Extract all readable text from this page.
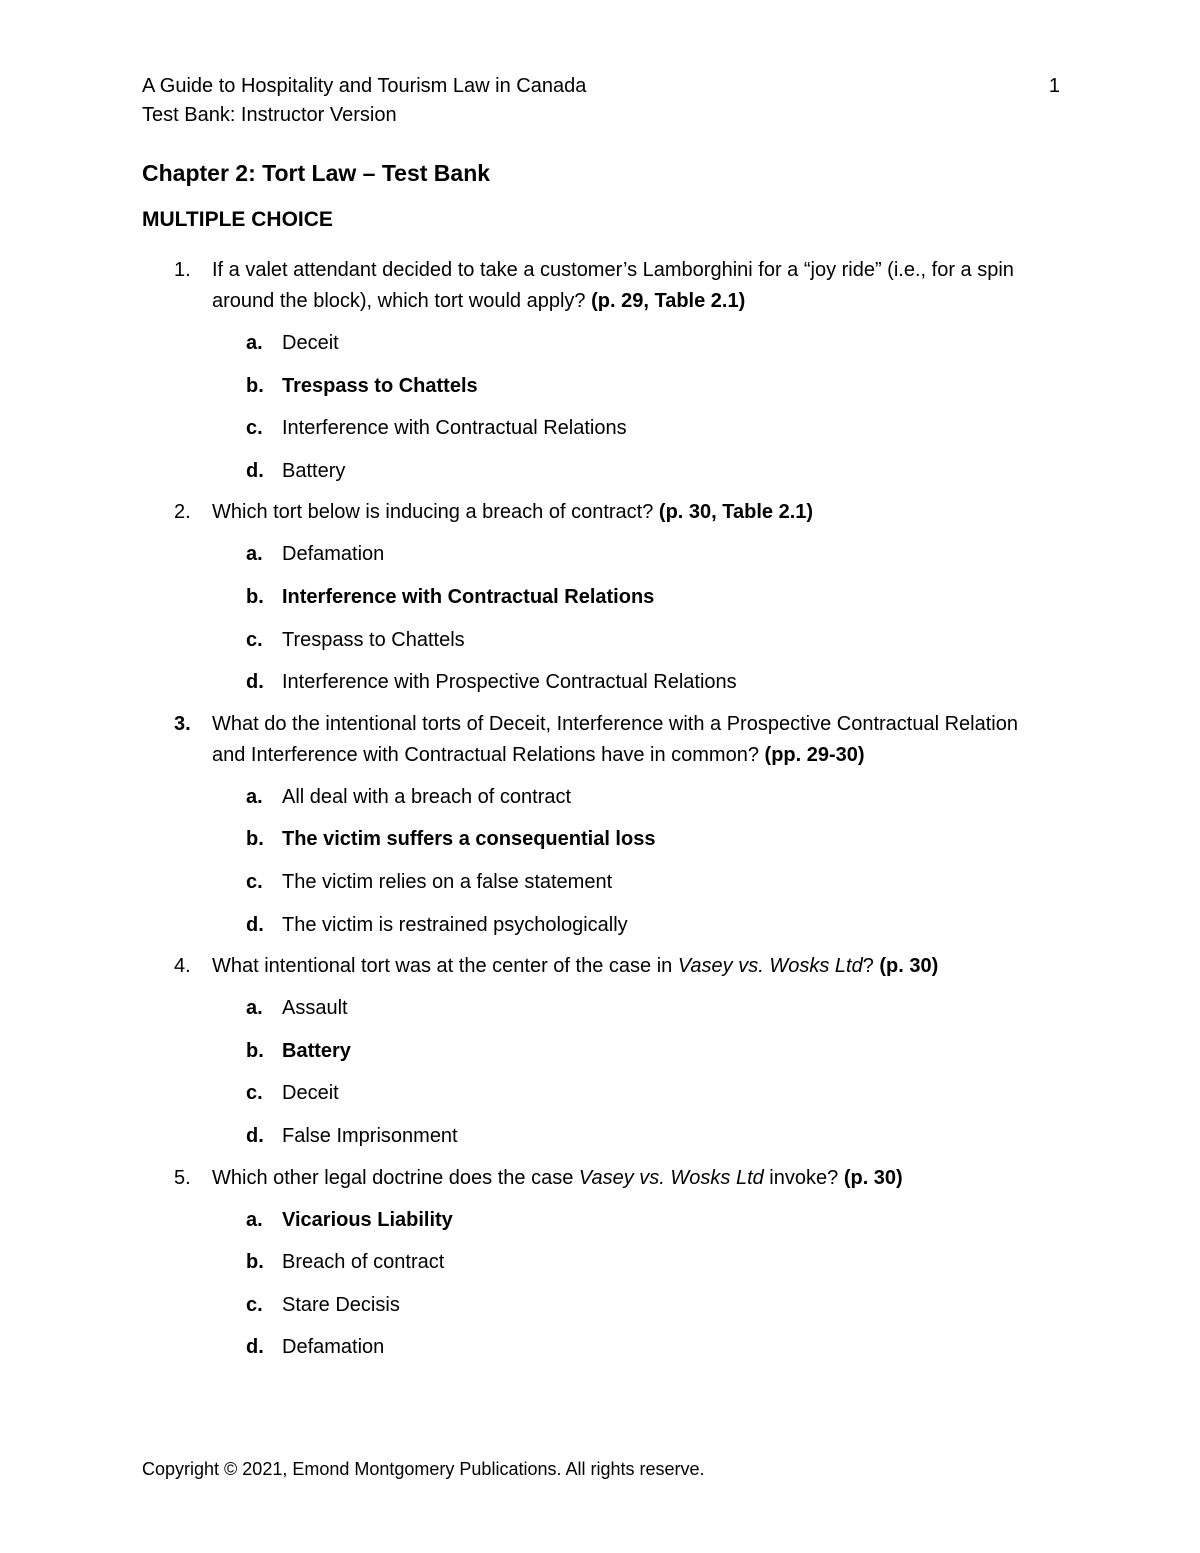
A Guide to Hospitality and Tourism Law in Canada
Test Bank: Instructor Version
1
Chapter 2: Tort Law – Test Bank
MULTIPLE CHOICE
1. If a valet attendant decided to take a customer’s Lamborghini for a “joy ride” (i.e., for a spin around the block), which tort would apply? (p. 29, Table 2.1)
a. Deceit
b. Trespass to Chattels
c. Interference with Contractual Relations
d. Battery
2. Which tort below is inducing a breach of contract? (p. 30, Table 2.1)
a. Defamation
b. Interference with Contractual Relations
c. Trespass to Chattels
d. Interference with Prospective Contractual Relations
3. What do the intentional torts of Deceit, Interference with a Prospective Contractual Relation and Interference with Contractual Relations have in common? (pp. 29-30)
a. All deal with a breach of contract
b. The victim suffers a consequential loss
c. The victim relies on a false statement
d. The victim is restrained psychologically
4. What intentional tort was at the center of the case in Vasey vs. Wosks Ltd? (p. 30)
a. Assault
b. Battery
c. Deceit
d. False Imprisonment
5. Which other legal doctrine does the case Vasey vs. Wosks Ltd invoke? (p. 30)
a. Vicarious Liability
b. Breach of contract
c. Stare Decisis
d. Defamation
Copyright © 2021, Emond Montgomery Publications. All rights reserve.
